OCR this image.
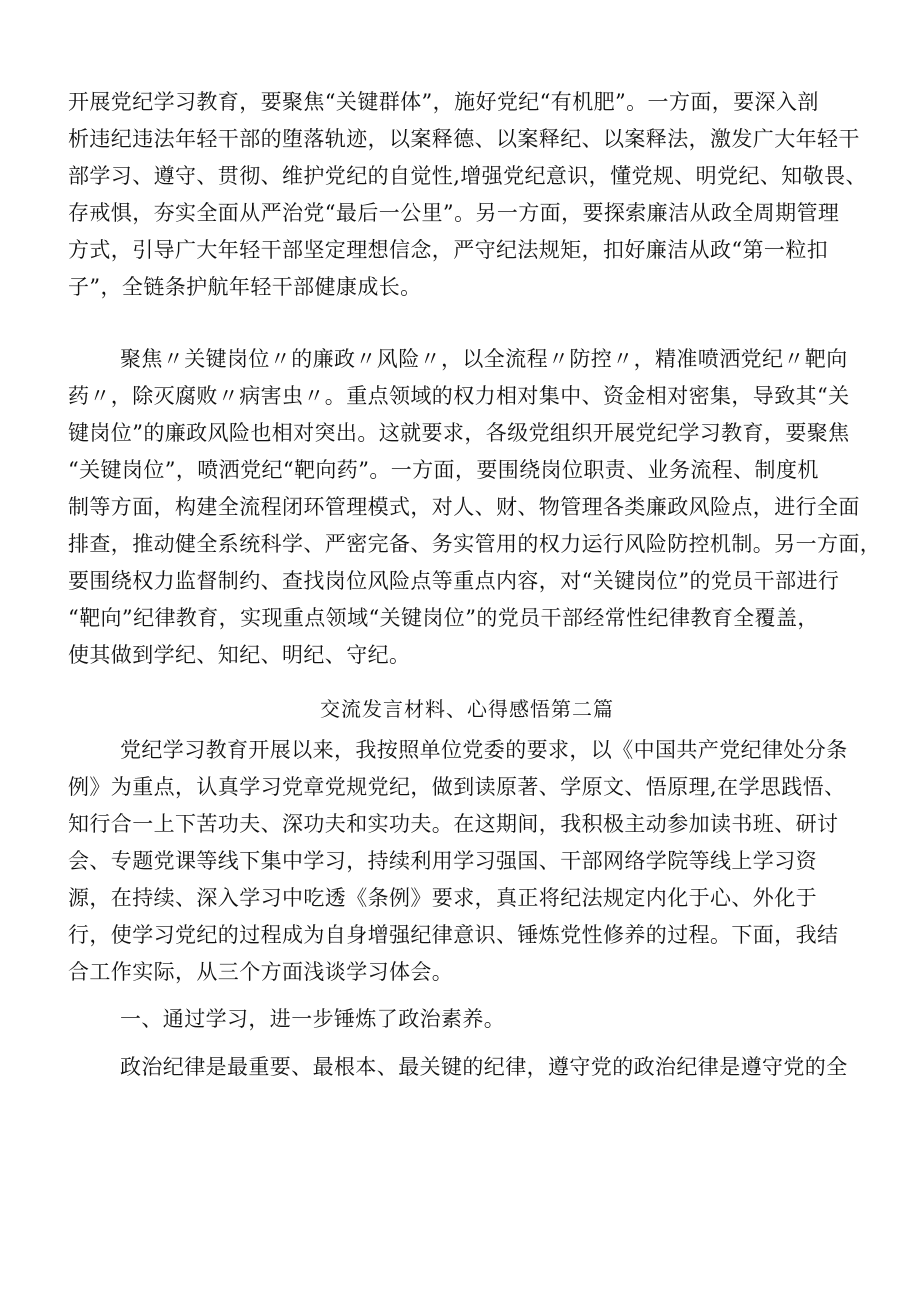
开展党纪学习教育，要聚焦“关键群体”，施好党纪“有机肥”。一方面，要深入剖

析违纪违法年轻干部的堕落轨迹，以案释德、以案释纪、以案释法，激发广大年轻干

部学习、遵守、贯彻、维护党纪的自觉性,增强党纪意识，懂党规、明党纪、知敬畏、

存戒惧，夯实全面从严治党“最后一公里”。另一方面，要探索廉洁从政全周期管理

方式，引导广大年轻干部坚定理想信念，严守纪法规矩，扣好廉洁从政“第一粒扣

子”，全链条护航年轻干部健康成长。

聚焦〃关键岗位〃的廉政〃风险〃，以全流程〃防控〃，精准喷洒党纪〃靶向

药〃，除灭腐败〃病害虫〃。重点领域的权力相对集中、资金相对密集，导致其“关

键岗位”的廉政风险也相对突出。这就要求，各级党组织开展党纪学习教育，要聚焦

“关键岗位”，喷洒党纪“靶向药”。一方面，要围绕岗位职责、业务流程、制度机

制等方面，构建全流程闭环管理模式，对人、财、物管理各类廉政风险点，进行全面

排查，推动健全系统科学、严密完备、务实管用的权力运行风险防控机制。另一方面，

要围绕权力监督制约、查找岗位风险点等重点内容，对“关键岗位”的党员干部进行

“靶向”纪律教育，实现重点领域“关键岗位”的党员干部经常性纪律教育全覆盖，

使其做到学纪、知纪、明纪、守纪。

交流发言材料、心得感悟第二篇

党纪学习教育开展以来，我按照单位党委的要求，以《中国共产党纪律处分条

例》为重点，认真学习党章党规党纪，做到读原著、学原文、悟原理,在学思践悟、

知行合一上下苦功夫、深功夫和实功夫。在这期间，我积极主动参加读书班、研讨

会、专题党课等线下集中学习，持续利用学习强国、干部网络学院等线上学习资

源，在持续、深入学习中吃透《条例》要求，真正将纪法规定内化于心、外化于

行，使学习党纪的过程成为自身增强纪律意识、锤炼党性修养的过程。下面，我结

合工作实际，从三个方面浅谈学习体会。

一、通过学习，进一步锤炼了政治素养。

政治纪律是最重要、最根本、最关键的纪律，遵守党的政治纪律是遵守党的全
